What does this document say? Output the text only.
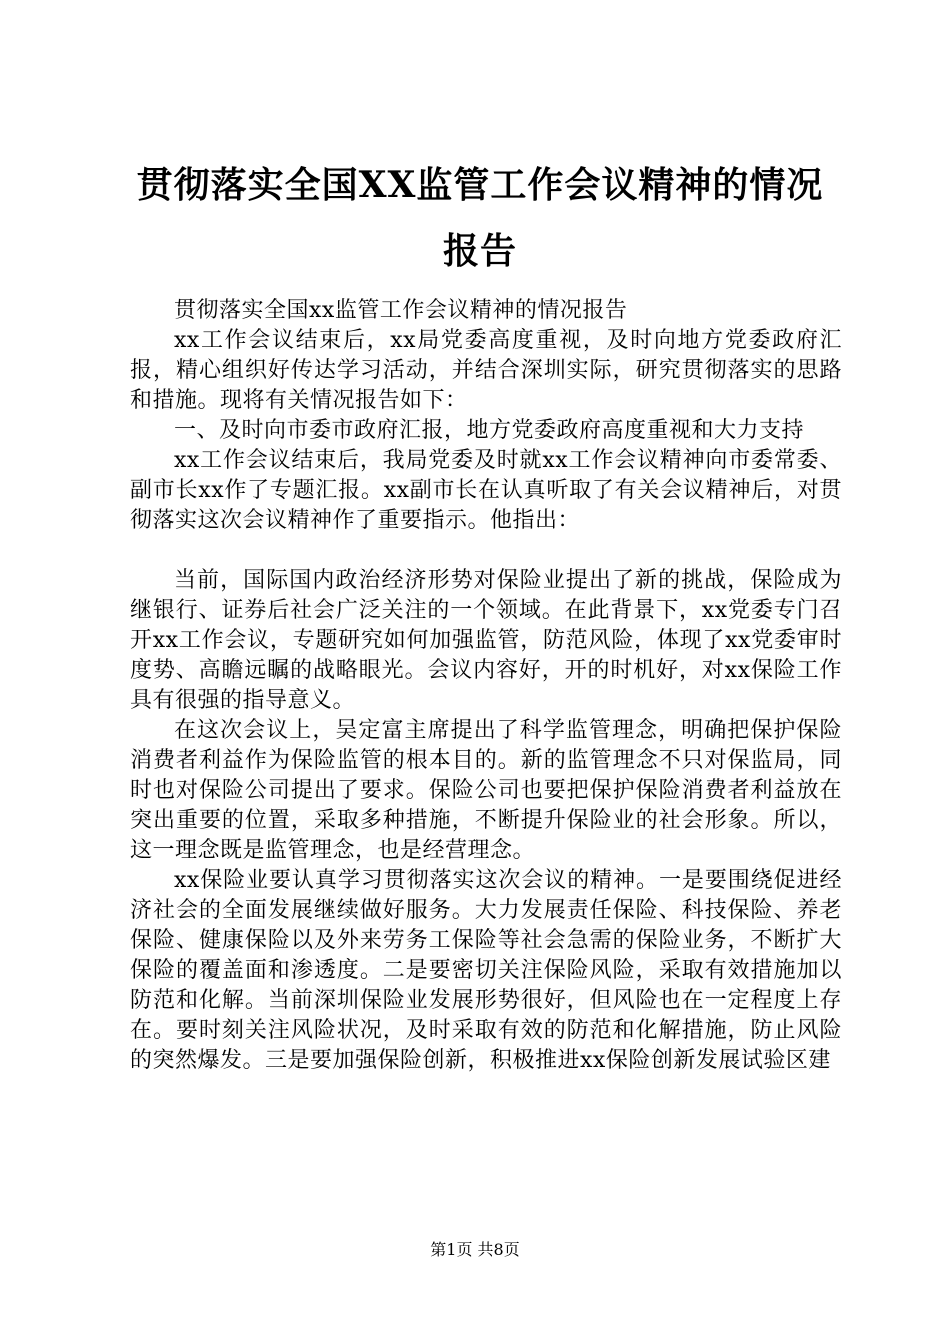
贯彻落实全国XX监管工作会议精神的情况报告

贯彻落实全国xx监管工作会议精神的情况报告

xx工作会议结束后，xx局党委高度重视，及时向地方党委政府汇报，精心组织好传达学习活动，并结合深圳实际，研究贯彻落实的思路和措施。现将有关情况报告如下：

一、及时向市委市政府汇报，地方党委政府高度重视和大力支持

xx工作会议结束后，我局党委及时就xx工作会议精神向市委常委、副市长xx作了专题汇报。xx副市长在认真听取了有关会议精神后，对贯彻落实这次会议精神作了重要指示。他指出：

当前，国际国内政治经济形势对保险业提出了新的挑战，保险成为继银行、证券后社会广泛关注的一个领域。在此背景下，xx党委专门召开xx工作会议，专题研究如何加强监管，防范风险，体现了xx党委审时度势、高瞻远瞩的战略眼光。会议内容好，开的时机好，对xx保险工作具有很强的指导意义。

在这次会议上，吴定富主席提出了科学监管理念，明确把保护保险消费者利益作为保险监管的根本目的。新的监管理念不只对保监局，同时也对保险公司提出了要求。保险公司也要把保护保险消费者利益放在突出重要的位置，采取多种措施，不断提升保险业的社会形象。所以，这一理念既是监管理念，也是经营理念。

xx保险业要认真学习贯彻落实这次会议的精神。一是要围绕促进经济社会的全面发展继续做好服务。大力发展责任保险、科技保险、养老保险、健康保险以及外来劳务工保险等社会急需的保险业务，不断扩大保险的覆盖面和渗透度。二是要密切关注保险风险，采取有效措施加以防范和化解。当前深圳保险业发展形势很好，但风险也在一定程度上存在。要时刻关注风险状况，及时采取有效的防范和化解措施，防止风险的突然爆发。三是要加强保险创新，积极推进xx保险创新发展试验区建

第1页 共8页
